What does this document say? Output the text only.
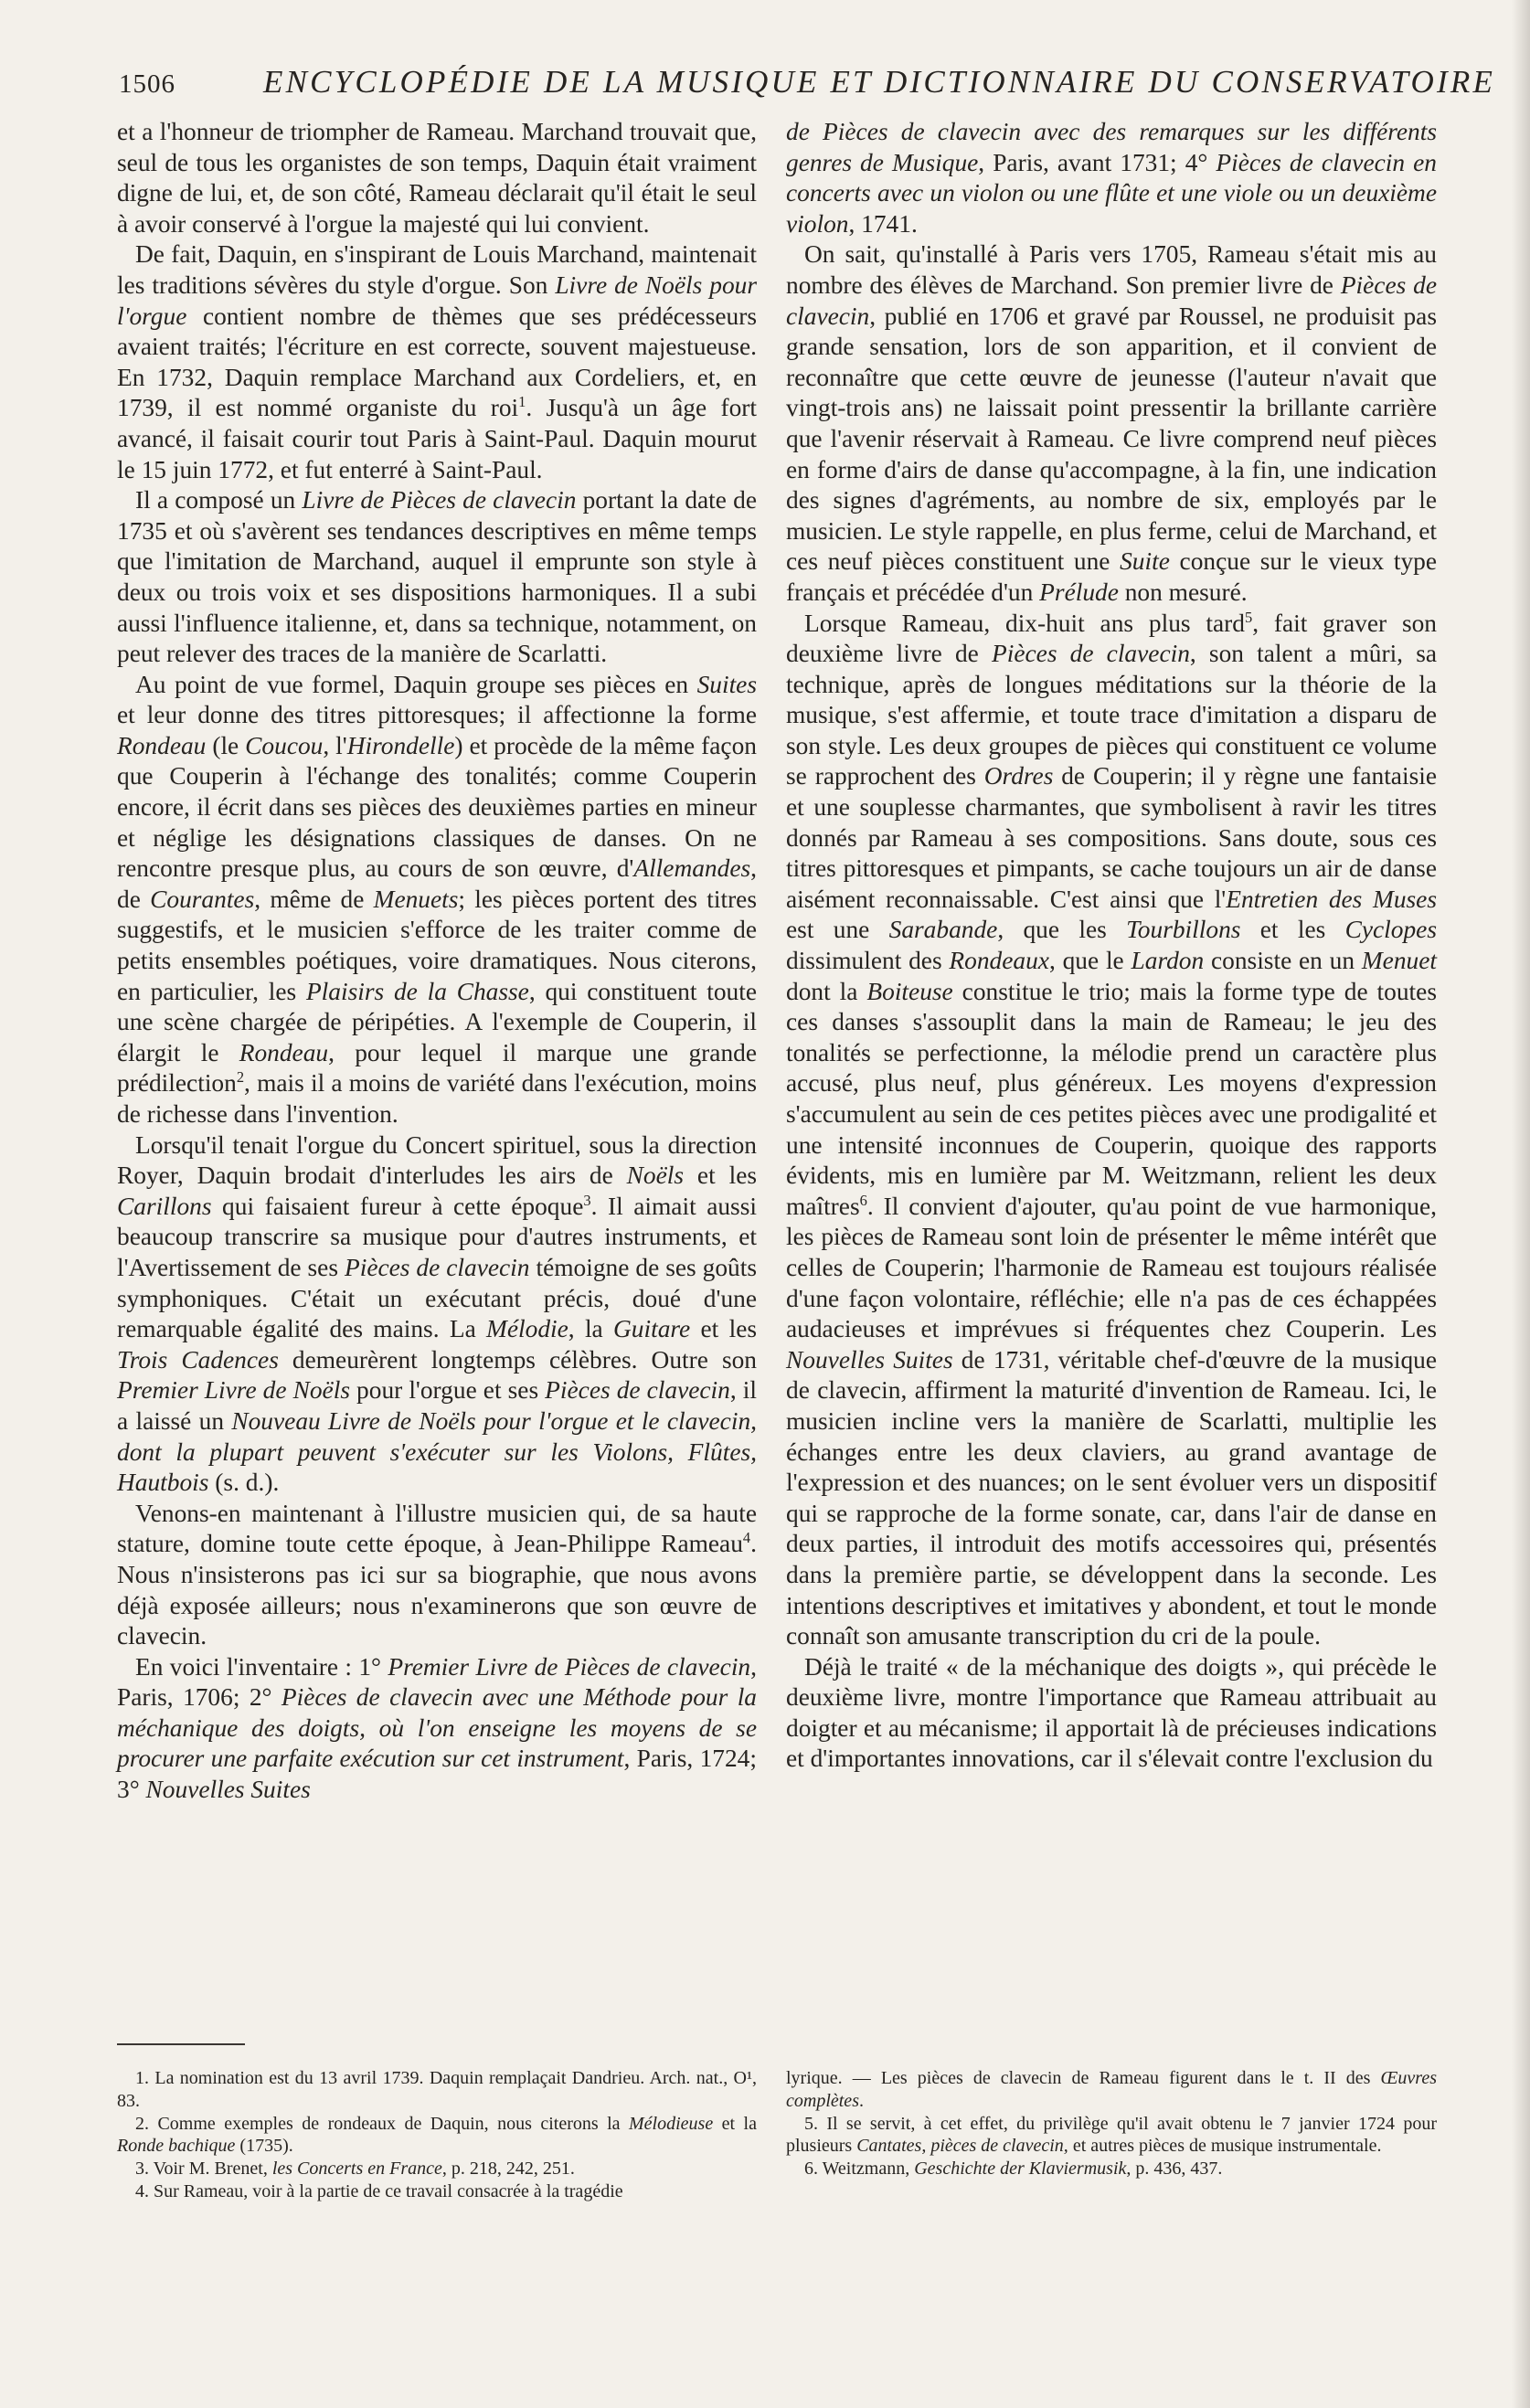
1506	ENCYCLOPÉDIE DE LA MUSIQUE ET DICTIONNAIRE DU CONSERVATOIRE

et a l'honneur de triompher de Rameau. Marchand trouvait que, seul de tous les organistes de son temps, Daquin était vraiment digne de lui, et, de son côté, Rameau déclarait qu'il était le seul à avoir conservé à l'orgue la majesté qui lui convient.

De fait, Daquin, en s'inspirant de Louis Marchand, maintenait les traditions sévères du style d'orgue. Son Livre de Noëls pour l'orgue contient nombre de thèmes que ses prédécesseurs avaient traités; l'écriture en est correcte, souvent majestueuse. En 1732, Daquin remplace Marchand aux Cordeliers, et, en 1739, il est nommé organiste du roi$^1$. Jusqu'à un âge fort avancé, il faisait courir tout Paris à Saint-Paul. Daquin mourut le 15 juin 1772, et fut enterré à Saint-Paul.

Il a composé un Livre de Pièces de clavecin portant la date de 1735 et où s'avèrent ses tendances descriptives en même temps que l'imitation de Marchand, auquel il emprunte son style à deux ou trois voix et ses dispositions harmoniques. Il a subi aussi l'influence italienne, et, dans sa technique, notamment, on peut relever des traces de la manière de Scarlatti.

Au point de vue formel, Daquin groupe ses pièces en Suites et leur donne des titres pittoresques; il affectionne la forme Rondeau (le Coucou, l'Hirondelle) et procède de la même façon que Couperin à l'échange des tonalités; comme Couperin encore, il écrit dans ses pièces des deuxièmes parties en mineur et néglige les désignations classiques de danses. On ne rencontre presque plus, au cours de son œuvre, d'Allemandes, de Courantes, même de Menuets; les pièces portent des titres suggestifs, et le musicien s'efforce de les traiter comme de petits ensembles poétiques, voire dramatiques. Nous citerons, en particulier, les Plaisirs de la Chasse, qui constituent toute une scène chargée de péripéties. A l'exemple de Couperin, il élargit le Rondeau, pour lequel il marque une grande prédilection$^2$, mais il a moins de variété dans l'exécution, moins de richesse dans l'invention.

Lorsqu'il tenait l'orgue du Concert spirituel, sous la direction Royer, Daquin brodait d'interludes les airs de Noëls et les Carillons qui faisaient fureur à cette époque$^3$. Il aimait aussi beaucoup transcrire sa musique pour d'autres instruments, et l'Avertissement de ses Pièces de clavecin témoigne de ses goûts symphoniques. C'était un exécutant précis, doué d'une remarquable égalité des mains. La Mélodie, la Guitare et les Trois Cadences demeurèrent longtemps célèbres. Outre son Premier Livre de Noëls pour l'orgue et ses Pièces de clavecin, il a laissé un Nouveau Livre de Noëls pour l'orgue et le clavecin, dont la plupart peuvent s'exécuter sur les Violons, Flûtes, Hautbois (s. d.).

Venons-en maintenant à l'illustre musicien qui, de sa haute stature, domine toute cette époque, à Jean-Philippe Rameau$^4$. Nous n'insisterons pas ici sur sa biographie, que nous avons déjà exposée ailleurs; nous n'examinerons que son œuvre de clavecin.

En voici l'inventaire : 1° Premier Livre de Pièces de clavecin, Paris, 1706; 2° Pièces de clavecin avec une Méthode pour la méchanique des doigts, où l'on enseigne les moyens de se procurer une parfaite exécution sur cet instrument, Paris, 1724; 3° Nouvelles Suites

de Pièces de clavecin avec des remarques sur les différents genres de Musique, Paris, avant 1731; 4° Pièces de clavecin en concerts avec un violon ou une flûte et une viole ou un deuxième violon, 1741.

On sait, qu'installé à Paris vers 1705, Rameau s'était mis au nombre des élèves de Marchand. Son premier livre de Pièces de clavecin, publié en 1706 et gravé par Roussel, ne produisit pas grande sensation, lors de son apparition, et il convient de reconnaître que cette œuvre de jeunesse (l'auteur n'avait que vingt-trois ans) ne laissait point pressentir la brillante carrière que l'avenir réservait à Rameau. Ce livre comprend neuf pièces en forme d'airs de danse qu'accompagne, à la fin, une indication des signes d'agréments, au nombre de six, employés par le musicien. Le style rappelle, en plus ferme, celui de Marchand, et ces neuf pièces constituent une Suite conçue sur le vieux type français et précédée d'un Prélude non mesuré.

Lorsque Rameau, dix-huit ans plus tard$^5$, fait graver son deuxième livre de Pièces de clavecin, son talent a mûri, sa technique, après de longues méditations sur la théorie de la musique, s'est affermie, et toute trace d'imitation a disparu de son style. Les deux groupes de pièces qui constituent ce volume se rapprochent des Ordres de Couperin; il y règne une fantaisie et une souplesse charmantes, que symbolisent à ravir les titres donnés par Rameau à ses compositions. Sans doute, sous ces titres pittoresques et pimpants, se cache toujours un air de danse aisément reconnaissable. C'est ainsi que l'Entretien des Muses est une Sarabande, que les Tourbillons et les Cyclopes dissimulent des Rondeaux, que le Lardon consiste en un Menuet dont la Boiteuse constitue le trio; mais la forme type de toutes ces danses s'assouplit dans la main de Rameau; le jeu des tonalités se perfectionne, la mélodie prend un caractère plus accusé, plus neuf, plus généreux. Les moyens d'expression s'accumulent au sein de ces petites pièces avec une prodigalité et une intensité inconnues de Couperin, quoique des rapports évidents, mis en lumière par M. Weitzmann, relient les deux maîtres$^6$. Il convient d'ajouter, qu'au point de vue harmonique, les pièces de Rameau sont loin de présenter le même intérêt que celles de Couperin; l'harmonie de Rameau est toujours réalisée d'une façon volontaire, réfléchie; elle n'a pas de ces échappées audacieuses et imprévues si fréquentes chez Couperin. Les Nouvelles Suites de 1731, véritable chef-d'œuvre de la musique de clavecin, affirment la maturité d'invention de Rameau. Ici, le musicien incline vers la manière de Scarlatti, multiplie les échanges entre les deux claviers, au grand avantage de l'expression et des nuances; on le sent évoluer vers un dispositif qui se rapproche de la forme sonate, car, dans l'air de danse en deux parties, il introduit des motifs accessoires qui, présentés dans la première partie, se développent dans la seconde. Les intentions descriptives et imitatives y abondent, et tout le monde connaît son amusante transcription du cri de la poule.

Déjà le traité « de la méchanique des doigts », qui précède le deuxième livre, montre l'importance que Rameau attribuait au doigter et au mécanisme; il apportait là de précieuses indications et d'importantes innovations, car il s'élevait contre l'exclusion du

1. La nomination est du 13 avril 1739. Daquin remplaçait Dandrieu. Arch. nat., O¹, 83.

2. Comme exemples de rondeaux de Daquin, nous citerons la Mélodieuse et la Ronde bachique (1735).

3. Voir M. Brenet, les Concerts en France, p. 218, 242, 251.

4. Sur Rameau, voir à la partie de ce travail consacrée à la tragédie

lyrique. — Les pièces de clavecin de Rameau figurent dans le t. II des Œuvres complètes.

5. Il se servit, à cet effet, du privilège qu'il avait obtenu le 7 janvier 1724 pour plusieurs Cantates, pièces de clavecin, et autres pièces de musique instrumentale.

6. Weitzmann, Geschichte der Klaviermusik, p. 436, 437.
